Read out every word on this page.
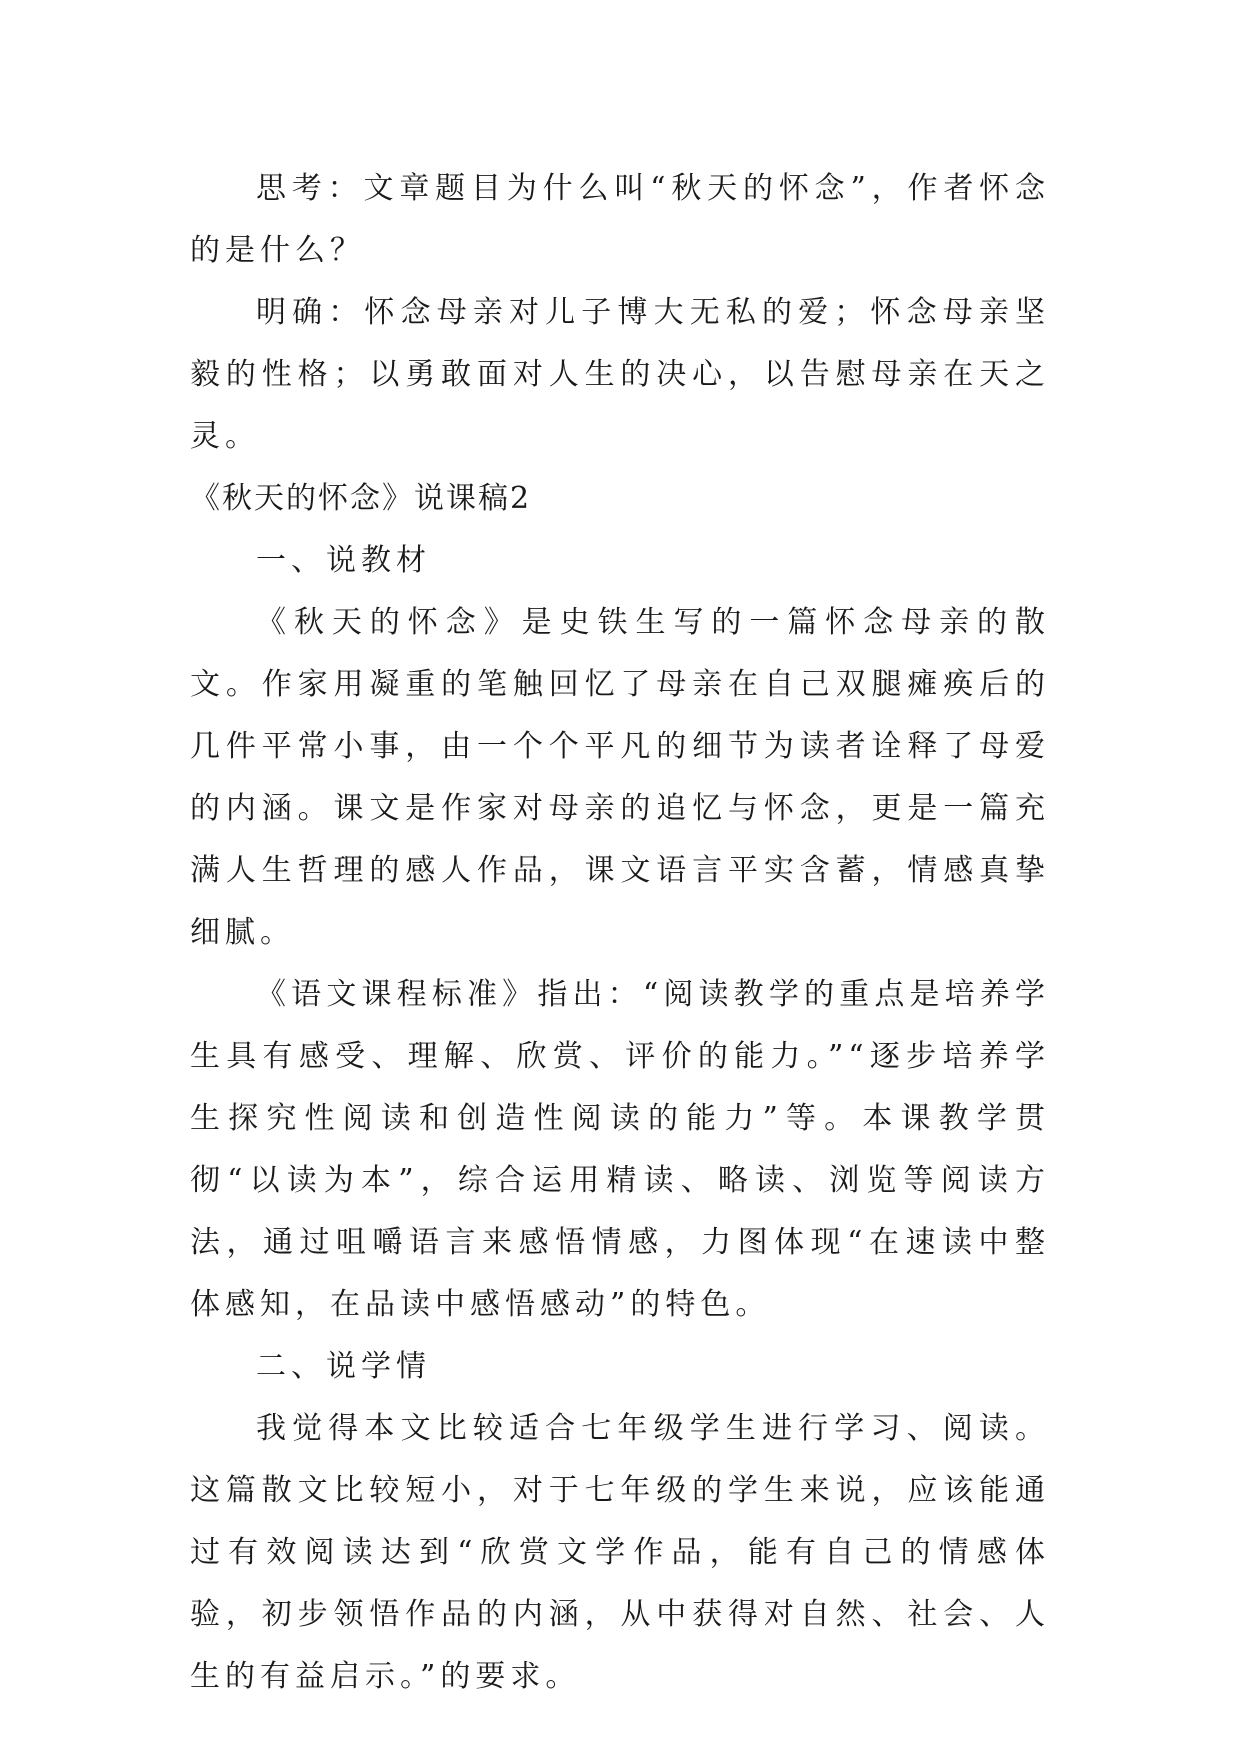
思考：文章题目为什么叫“秋天的怀念”，作者怀念的是什么？

明确：怀念母亲对儿子博大无私的爱；怀念母亲坚毅的性格；以勇敢面对人生的决心，以告慰母亲在天之灵。

《秋天的怀念》说课稿2

一、说教材

《秋天的怀念》是史铁生写的一篇怀念母亲的散文。作家用凝重的笔触回忆了母亲在自己双腿瘫痪后的几件平常小事，由一个个平凡的细节为读者诠释了母爱的内涵。课文是作家对母亲的追忆与怀念，更是一篇充满人生哲理的感人作品，课文语言平实含蓄，情感真挚细腻。

《语文课程标准》指出：“阅读教学的重点是培养学生具有感受、理解、欣赏、评价的能力。”“逐步培养学生探究性阅读和创造性阅读的能力”等。本课教学贯彻“以读为本”，综合运用精读、略读、浏览等阅读方法，通过咀嚼语言来感悟情感，力图体现“在速读中整体感知，在品读中感悟感动”的特色。

二、说学情

我觉得本文比较适合七年级学生进行学习、阅读。这篇散文比较短小，对于七年级的学生来说，应该能通过有效阅读达到“欣赏文学作品，能有自己的情感体验，初步领悟作品的内涵，从中获得对自然、社会、人生的有益启示。”的要求。
